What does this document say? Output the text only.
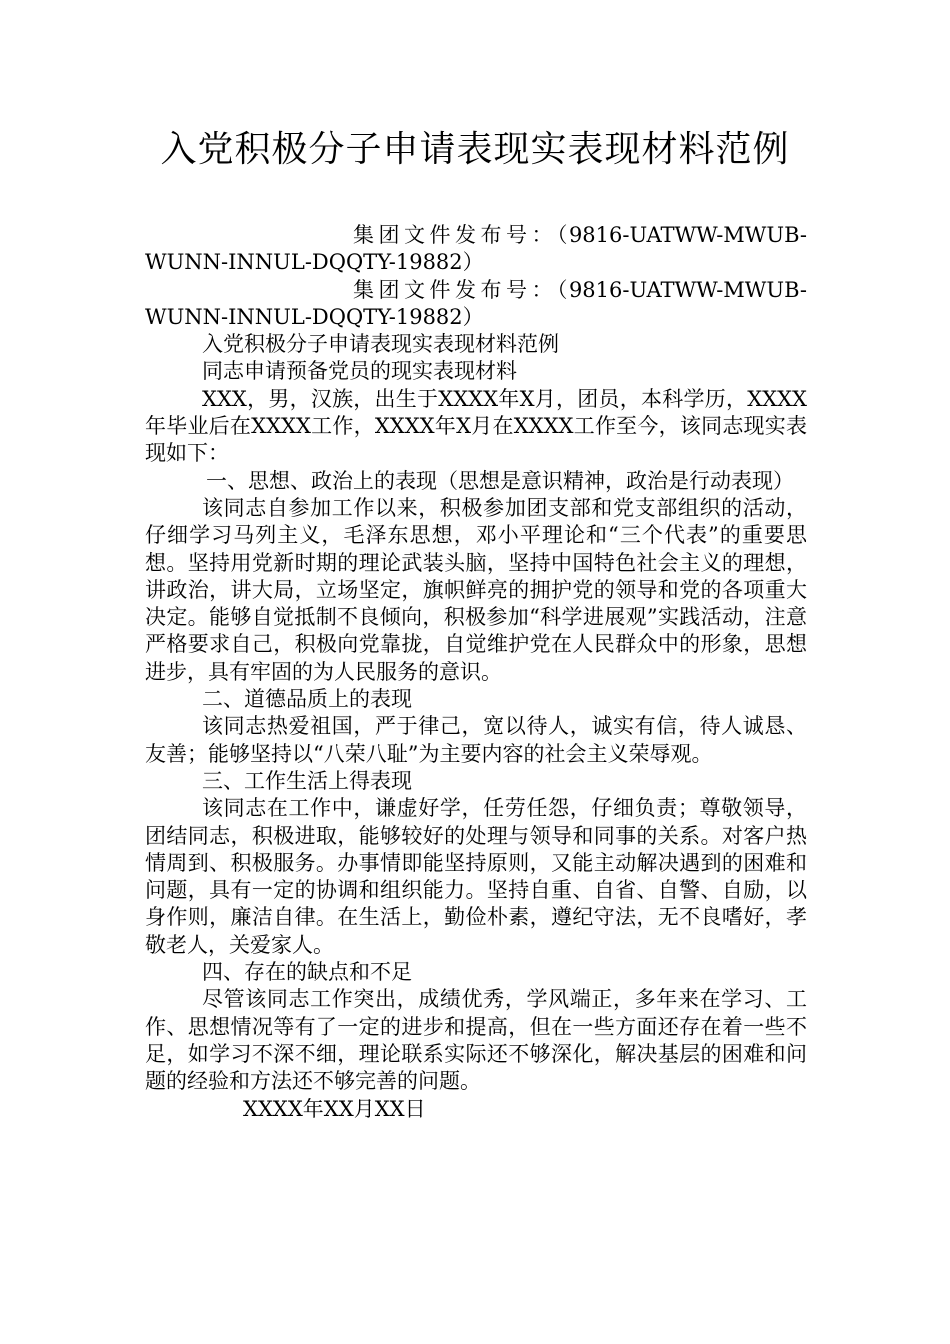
入党积极分子申请表现实表现材料范例

集团文件发布号：（9816-UATWW-MWUB-WUNN-INNUL-DQQTY-19882）

集团文件发布号：（9816-UATWW-MWUB-WUNN-INNUL-DQQTY-19882）

入党积极分子申请表现实表现材料范例

同志申请预备党员的现实表现材料

XXX，男，汉族，出生于XXXX年X月，团员，本科学历，XXXX年毕业后在XXXX工作，XXXX年X月在XXXX工作至今，该同志现实表现如下：

一、思想、政治上的表现（思想是意识精神，政治是行动表现）

该同志自参加工作以来，积极参加团支部和党支部组织的活动，仔细学习马列主义，毛泽东思想，邓小平理论和“三个代表”的重要思想。坚持用党新时期的理论武装头脑，坚持中国特色社会主义的理想，讲政治，讲大局，立场坚定，旗帜鲜亮的拥护党的领导和党的各项重大决定。能够自觉抵制不良倾向，积极参加“科学进展观”实践活动，注意严格要求自己，积极向党靠拢，自觉维护党在人民群众中的形象，思想进步，具有牢固的为人民服务的意识。

二、道德品质上的表现

该同志热爱祖国，严于律己，宽以待人，诚实有信，待人诚恳、友善；能够坚持以“八荣八耻”为主要内容的社会主义荣辱观。

三、工作生活上得表现

该同志在工作中，谦虚好学，任劳任怨，仔细负责；尊敬领导，团结同志，积极进取，能够较好的处理与领导和同事的关系。对客户热情周到、积极服务。办事情即能坚持原则，又能主动解决遇到的困难和问题，具有一定的协调和组织能力。坚持自重、自省、自警、自励，以身作则，廉洁自律。在生活上，勤俭朴素，遵纪守法，无不良嗜好，孝敬老人，关爱家人。

四、存在的缺点和不足

尽管该同志工作突出，成绩优秀，学风端正，多年来在学习、工作、思想情况等有了一定的进步和提高，但在一些方面还存在着一些不足，如学习不深不细，理论联系实际还不够深化，解决基层的困难和问题的经验和方法还不够完善的问题。

XXXX年XX月XX日
